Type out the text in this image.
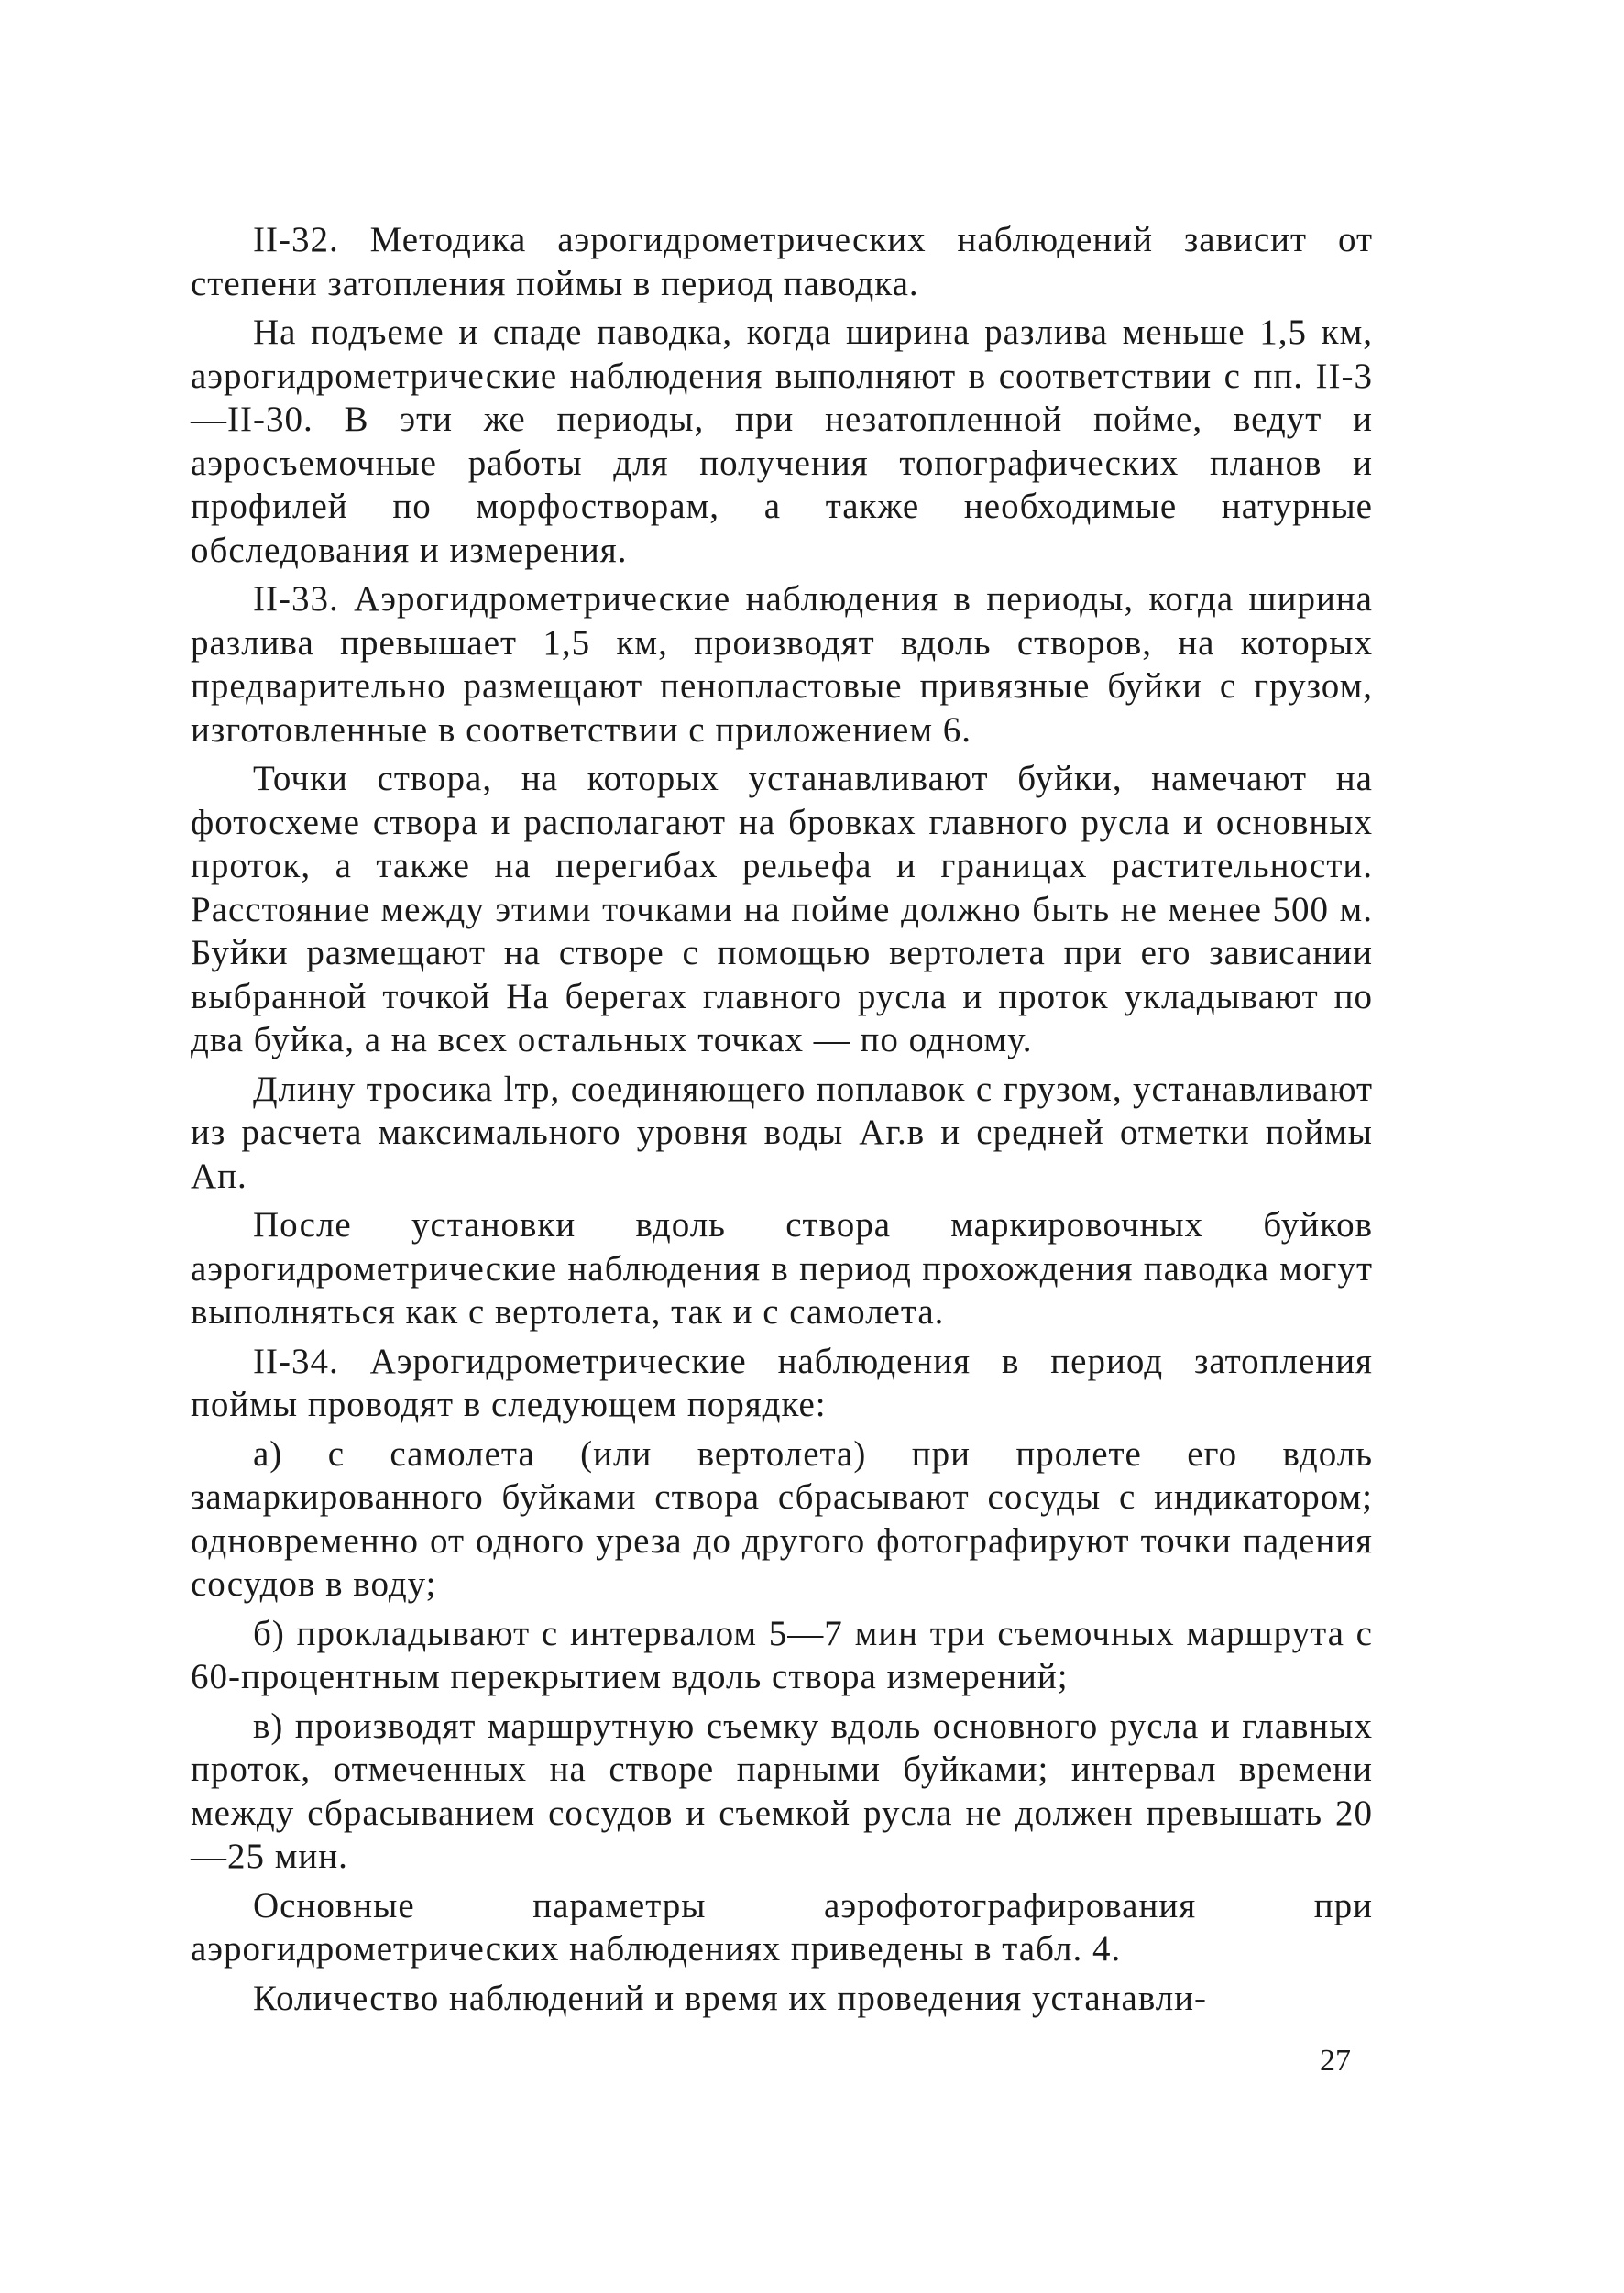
II-32. Методика аэрогидрометрических наблюдений зависит от степени затопления поймы в период паводка.

На подъеме и спаде паводка, когда ширина разлива меньше 1,5 км, аэрогидрометрические наблюдения выполняют в соответствии с пп. II-3—II-30. В эти же периоды, при незатопленной пойме, ведут и аэросъемочные работы для получения топографических планов и профилей по морфостворам, а также необходимые натурные обследования и измерения.

II-33. Аэрогидрометрические наблюдения в периоды, когда ширина разлива превышает 1,5 км, производят вдоль створов, на которых предварительно размещают пенопластовые привязные буйки с грузом, изготовленные в соответствии с приложением 6.

Точки створа, на которых устанавливают буйки, намечают на фотосхеме створа и располагают на бровках главного русла и основных проток, а также на перегибах рельефа и границах растительности. Расстояние между этими точками на пойме должно быть не менее 500 м. Буйки размещают на створе с помощью вертолета при его зависании выбранной точкой На берегах главного русла и проток укладывают по два буйка, а на всех остальных точках — по одному.

Длину тросика lтр, соединяющего поплавок с грузом, устанавливают из расчета максимального уровня воды Aг.в и средней отметки поймы Aп.

После установки вдоль створа маркировочных буйков аэрогидрометрические наблюдения в период прохождения паводка могут выполняться как с вертолета, так и с самолета.

II-34. Аэрогидрометрические наблюдения в период затопления поймы проводят в следующем порядке:

а) с самолета (или вертолета) при пролете его вдоль замаркированного буйками створа сбрасывают сосуды с индикатором; одновременно от одного уреза до другого фотографируют точки падения сосудов в воду;

б) прокладывают с интервалом 5—7 мин три съемочных маршрута с 60-процентным перекрытием вдоль створа измерений;

в) производят маршрутную съемку вдоль основного русла и главных проток, отмеченных на створе парными буйками; интервал времени между сбрасыванием сосудов и съемкой русла не должен превышать 20—25 мин.

Основные параметры аэрофотографирования при аэрогидрометрических наблюдениях приведены в табл. 4.

Количество наблюдений и время их проведения устанавли-

27
